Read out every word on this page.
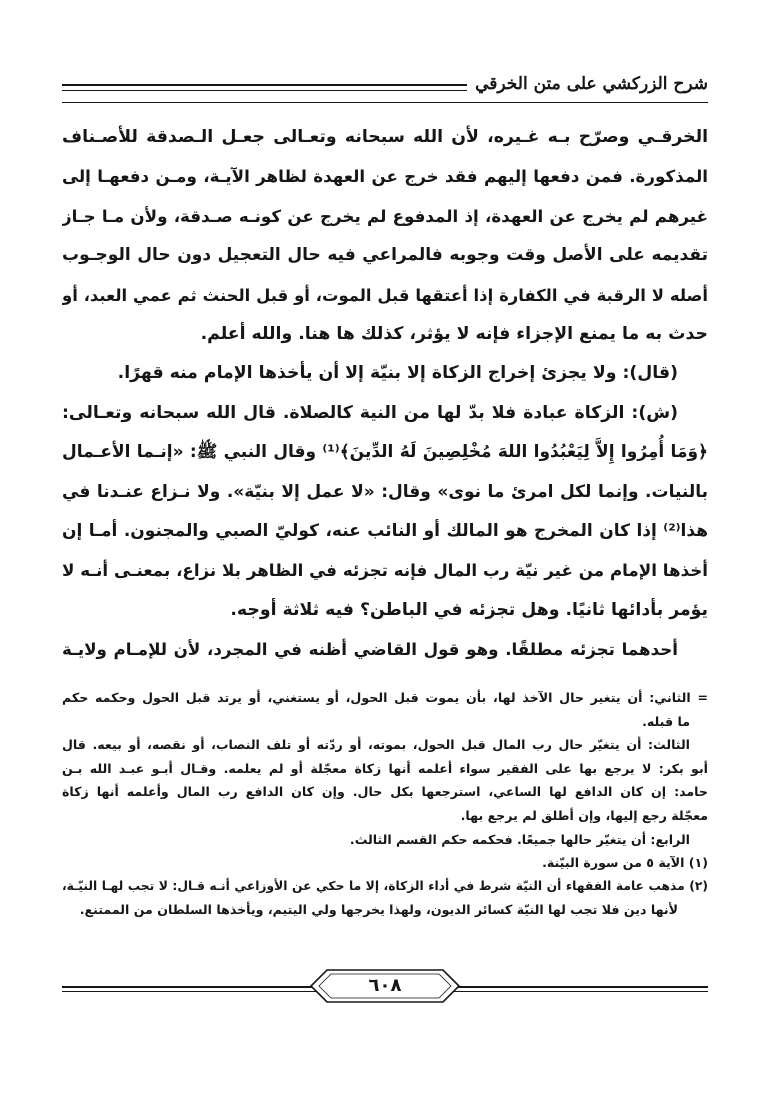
شرح الزركشي على متن الخرقي
الخرقـي وصرّح بـه غـيره، لأن الله سبحانه وتعـالى جعـل الـصدقة للأصـناف
المذكورة. فمن دفعها إليهم فقد خرج عن العهدة لظاهر الآيـة، ومـن دفعهـا إلى
غيرهم لم يخرج عن العهدة، إذ المدفوع لم يخرج عن كونـه صـدقة، ولأن مـا جـاز
تقديمه على الأصل وقت وجوبه فالمراعي فيه حال التعجيل دون حال الوجـوب
أصله لا الرقبة في الكفارة إذا أعتقها قبل الموت، أو قبل الحنث ثم عمي العبد، أو
حدث به ما يمنع الإجزاء فإنه لا يؤثر، كذلك ها هنا. والله أعلم.
(قال): ولا يجزئ إخراج الزكاة إلا بنيّة إلا أن يأخذها الإمام منه قهرًا.
(ش): الزكاة عبادة فلا بدّ لها من النية كالصلاة. قال الله سبحانه وتعـالى:
﴿وَمَا أُمِرُوا إِلاَّ لِيَعْبُدُوا اللهَ مُخْلِصِينَ لَهُ الدِّينَ﴾⁽¹⁾ وقال النبي ﷺ: «إنـما الأعـمال
بالنيات. وإنما لكل امرئ ما نوى» وقال: «لا عمل إلا بنيّة». ولا نـزاع عنـدنا في
هذا⁽²⁾ إذا كان المخرج هو المالك أو النائب عنه، كوليّ الصبي والمجنون. أمـا إن
أخذها الإمام من غير نيّة رب المال فإنه تجزئه في الظاهر بلا نزاع، بمعنـى أنـه لا
يؤمر بأدائها ثانيًا. وهل تجزئه في الباطن؟ فيه ثلاثة أوجه.
أحدهما تجزئه مطلقًا. وهو قول القاضي أظنه في المجرد، لأن للإمـام ولايـة
= الثاني: أن يتغير حال الآخذ لها، بأن يموت قبل الحول، أو يستغني، أو يرتد قبل الحول وحكمه حكم
ما قبله.
الثالث: أن يتغيّر حال رب المال قبل الحول، بموته، أو ردّته أو تلف النصاب، أو نقصه، أو بيعه. قال
أبو بكر: لا يرجع بها على الفقير سواء أعلمه أنها زكاة معجّلة أو لم يعلمه. وقـال أبـو عبـد الله بـن
حامد: إن كان الدافع لها الساعي، استرجعها بكل حال. وإن كان الدافع رب المال وأعلمه أنها زكاة
معجّلة رجع إليها، وإن أطلق لم يرجع بها.
الرابع: أن يتغيّر حالها جميعًا. فحكمه حكم القسم الثالث.
(١) الآية ٥ من سورة البيّنة.
(٢) مذهب عامة الفقهاء أن النيّة شرط في أداء الزكاة، إلا ما حكي عن الأوزاعي أنـه قـال: لا تجب لهـا النيّـة،
لأنها دين فلا تجب لها النيّة كسائر الديون، ولهذا يخرجها ولي اليتيم، ويأخذها السلطان من الممتنع.
٦٠٨
